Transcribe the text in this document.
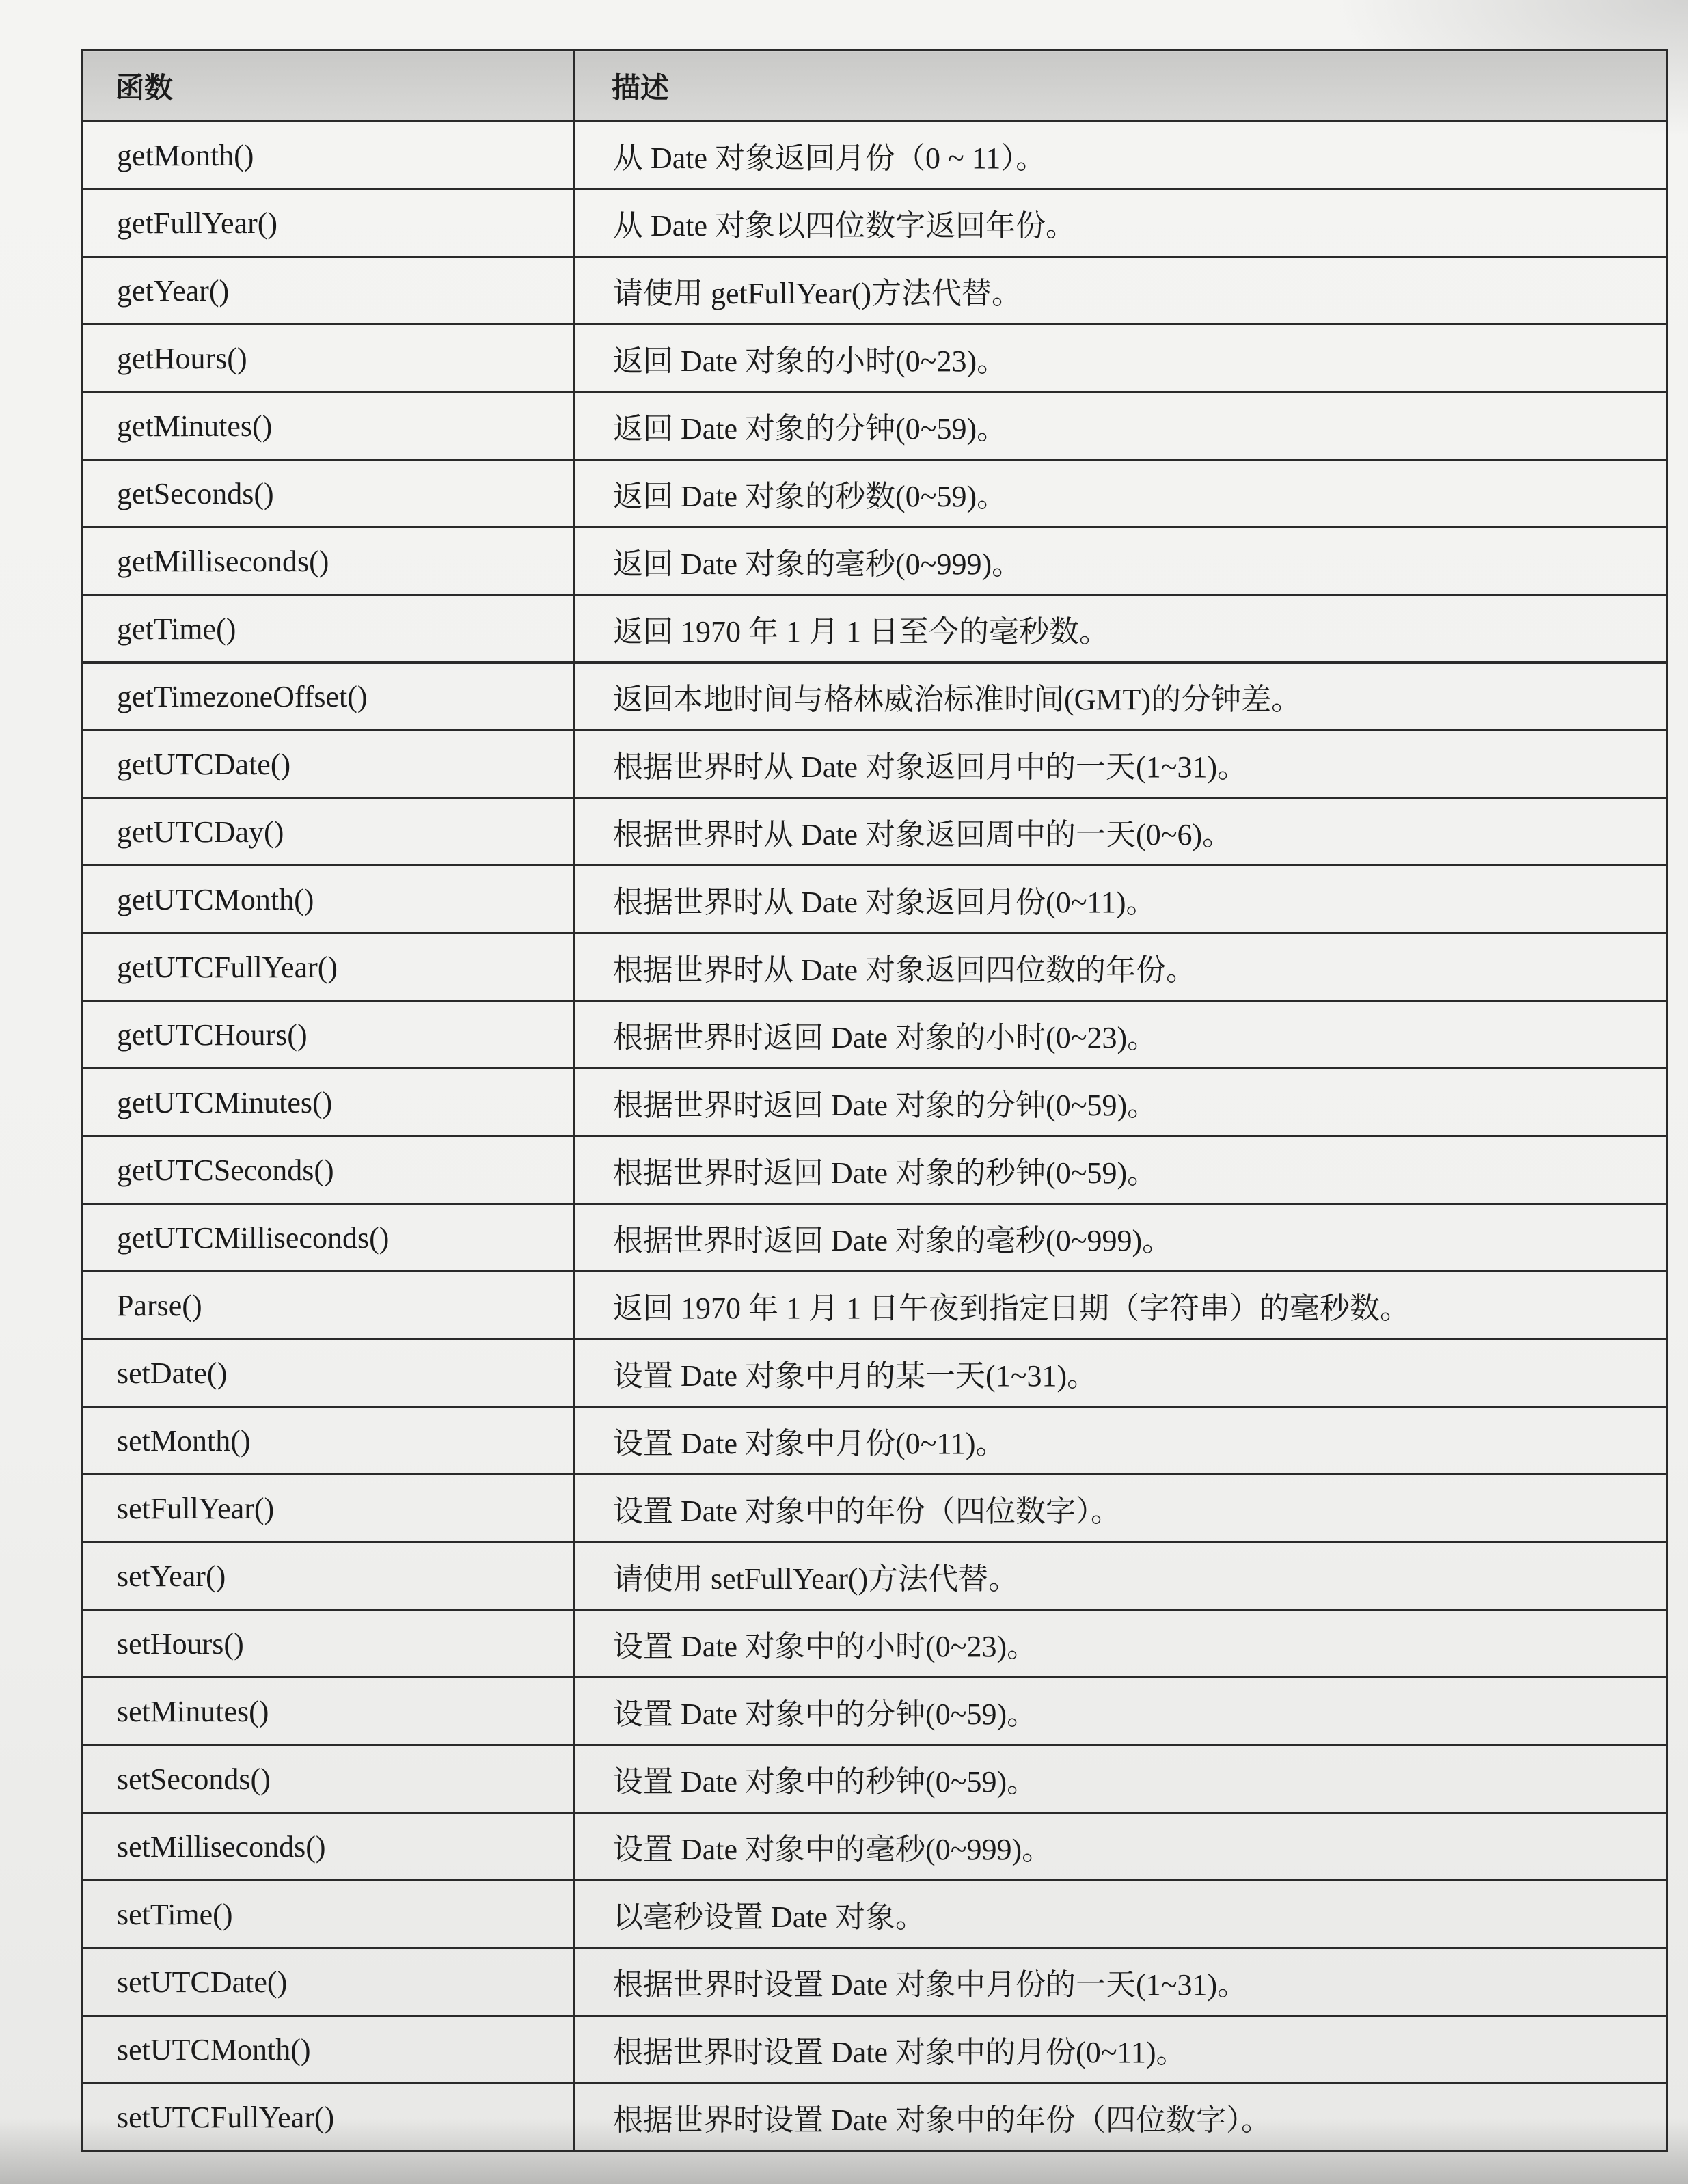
函数	描述
getMonth()	从 Date 对象返回月份（0 ~ 11）。
getFullYear()	从 Date 对象以四位数字返回年份。
getYear()	请使用 getFullYear()方法代替。
getHours()	返回 Date 对象的小时(0~23)。
getMinutes()	返回 Date 对象的分钟(0~59)。
getSeconds()	返回 Date 对象的秒数(0~59)。
getMilliseconds()	返回 Date 对象的毫秒(0~999)。
getTime()	返回 1970 年 1 月 1 日至今的毫秒数。
getTimezoneOffset()	返回本地时间与格林威治标准时间(GMT)的分钟差。
getUTCDate()	根据世界时从 Date 对象返回月中的一天(1~31)。
getUTCDay()	根据世界时从 Date 对象返回周中的一天(0~6)。
getUTCMonth()	根据世界时从 Date 对象返回月份(0~11)。
getUTCFullYear()	根据世界时从 Date 对象返回四位数的年份。
getUTCHours()	根据世界时返回 Date 对象的小时(0~23)。
getUTCMinutes()	根据世界时返回 Date 对象的分钟(0~59)。
getUTCSeconds()	根据世界时返回 Date 对象的秒钟(0~59)。
getUTCMilliseconds()	根据世界时返回 Date 对象的毫秒(0~999)。
Parse()	返回 1970 年 1 月 1 日午夜到指定日期（字符串）的毫秒数。
setDate()	设置 Date 对象中月的某一天(1~31)。
setMonth()	设置 Date 对象中月份(0~11)。
setFullYear()	设置 Date 对象中的年份（四位数字）。
setYear()	请使用 setFullYear()方法代替。
setHours()	设置 Date 对象中的小时(0~23)。
setMinutes()	设置 Date 对象中的分钟(0~59)。
setSeconds()	设置 Date 对象中的秒钟(0~59)。
setMilliseconds()	设置 Date 对象中的毫秒(0~999)。
setTime()	以毫秒设置 Date 对象。
setUTCDate()	根据世界时设置 Date 对象中月份的一天(1~31)。
setUTCMonth()	根据世界时设置 Date 对象中的月份(0~11)。
setUTCFullYear()	根据世界时设置 Date 对象中的年份（四位数字）。
